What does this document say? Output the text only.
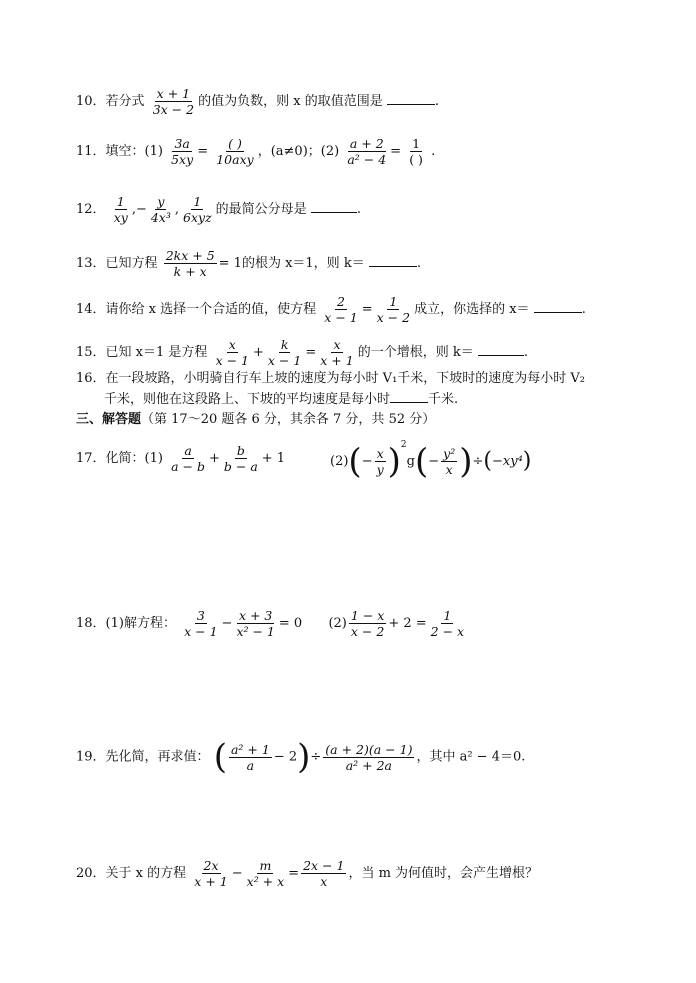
10．若分式 $\frac{x + 1}{3x - 2}$ 的值为负数，则 x 的取值范围是	.
11．填空：$(1) \frac{3a}{5xy} = \frac{( )}{\text{10axy}}$ ，(a≠0)；$(2) \frac{a + 2}{\text{a² − 4}} = \frac{1}{( )}$ .
12． $\frac{1}{xy}$ ,− $\frac{y}{\text{4x³}}$ , $\frac{1}{\text{6xyz}}$ 的最简公分母是	.
13．已知方程 $\frac{2kx + 5}{k + x} = 1$的根为 x＝1，则 k＝	.
14．请你给 x 选择一个合适的值，使方程 $\frac{2}{x - 1} = \frac{1}{x - 2}$ 成立，你选择的 x＝	.
15．已知 x＝1 是方程 $\frac{x}{x - 1} + \frac{k}{x - 1} = \frac{x}{x + 1}$ 的一个增根，则 k＝	.
16．在一段坡路，小明骑自行车上坡的速度为每小时 V₁千米，下坡时的速度为每小时 V₂
千米，则他在这段路上、下坡的平均速度是每小时	千米.
三、解答题（第 17～20 题各 6 分，其余各 7 分，共 52 分）
17．化简：$(1) \frac{a}{a - b} + \frac{b}{b - a} + 1$	$(2)(- \frac{x}{y} )^2g(- \frac{\text{y²}}{x} )\div(-xy^4)$
18．(1)解方程： $\frac{3}{x - 1} - \frac{x + 3}{\text{x² − 1}} = 0$ $(2) \frac{1 - x}{x - 2} + 2 = \frac{1}{2 - x}$
19．先化简，再求值： ( $\frac{\text{a² + 1}}{a} - 2)\div \frac{(a + 2)(a - 1)}{\text{a² + 2a}}$ ，其中 a² − 4＝0.
20．关于 x 的方程 $\frac{2x}{x + 1} - \frac{m}{\text{x² + x}} = \frac{2x - 1}{x}$ ，当 m 为何值时，会产生增根？
